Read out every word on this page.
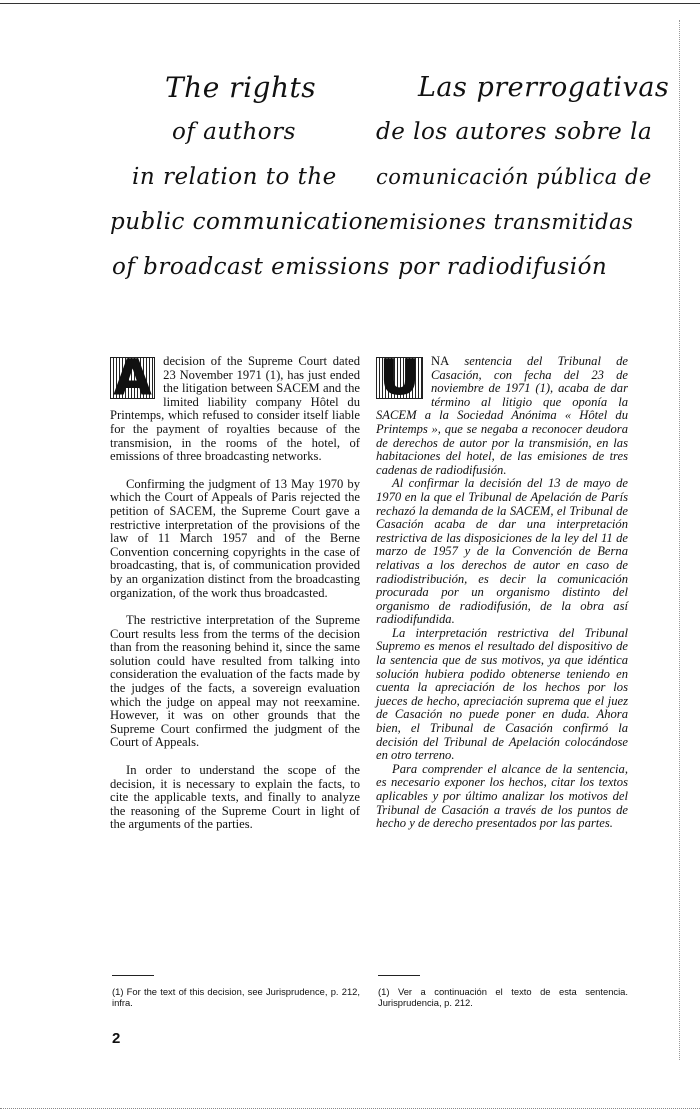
The rights
of authors
in relation to the
public communication
of broadcast emissions
Las prerrogativas
de los autores sobre la
comunicación pública de
emisiones transmitidas
por radiodifusión

A decision of the Supreme Court dated 23 November 1971 (1), has just ended the litigation between SACEM and the limited liability company Hôtel du Printemps, which refused to consider itself liable for the payment of royalties because of the transmision, in the rooms of the hotel, of emissions of three broadcasting networks.

Confirming the judgment of 13 May 1970 by which the Court of Appeals of Paris rejected the petition of SACEM, the Supreme Court gave a restrictive interpretation of the provisions of the law of 11 March 1957 and of the Berne Convention concerning copyrights in the case of broadcasting, that is, of communication provided by an organization distinct from the broadcasting organization, of the work thus broadcasted.

The restrictive interpretation of the Supreme Court results less from the terms of the decision than from the reasoning behind it, since the same solution could have resulted from talking into consideration the evaluation of the facts made by the judges of the facts, a sovereign evaluation which the judge on appeal may not reexamine. However, it was on other grounds that the Supreme Court confirmed the judgment of the Court of Appeals.

In order to understand the scope of the decision, it is necessary to explain the facts, to cite the applicable texts, and finally to analyze the reasoning of the Supreme Court in light of the arguments of the parties.

U NA sentencia del Tribunal de Casación, con fecha del 23 de noviembre de 1971 (1), acaba de dar término al litigio que oponía la SACEM a la Sociedad Anónima « Hôtel du Printemps », que se negaba a reconocer deudora de derechos de autor por la transmisión, en las habitaciones del hotel, de las emisiones de tres cadenas de radiodifusión.

Al confirmar la decisión del 13 de mayo de 1970 en la que el Tribunal de Apelación de París rechazó la demanda de la SACEM, el Tribunal de Casación acaba de dar una interpretación restrictiva de las disposiciones de la ley del 11 de marzo de 1957 y de la Convención de Berna relativas a los derechos de autor en caso de radiodistribución, es decir la comunicación procurada por un organismo distinto del organismo de radiodifusión, de la obra así radiodifundida.

La interpretación restrictiva del Tribunal Supremo es menos el resultado del dispositivo de la sentencia que de sus motivos, ya que idéntica solución hubiera podido obtenerse teniendo en cuenta la apreciación de los hechos por los jueces de hecho, apreciación suprema que el juez de Casación no puede poner en duda. Ahora bien, el Tribunal de Casación confirmó la decisión del Tribunal de Apelación colocándose en otro terreno.

Para comprender el alcance de la sentencia, es necesario exponer los hechos, citar los textos aplicables y por último analizar los motivos del Tribunal de Casación a través de los puntos de hecho y de derecho presentados por las partes.

(1) For the text of this decision, see Jurisprudence, p. 212, infra.
(1) Ver a continuación el texto de esta sentencia. Jurisprudencia, p. 212.
2
